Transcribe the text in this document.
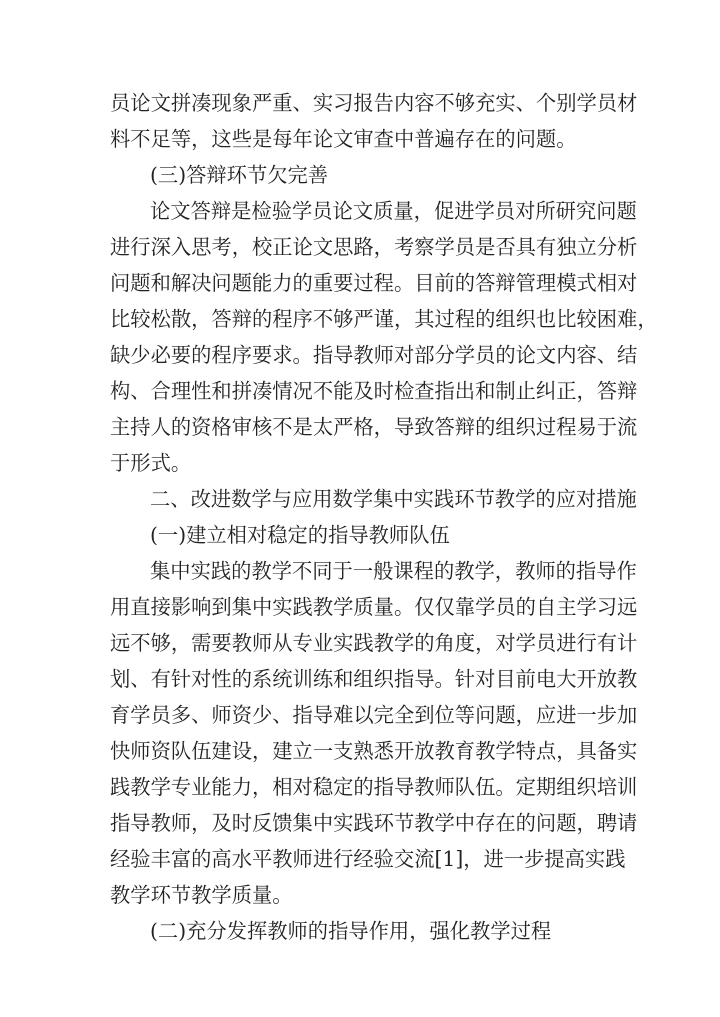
员论文拼凑现象严重、实习报告内容不够充实、个别学员材
料不足等，这些是每年论文审查中普遍存在的问题。
(三)答辩环节欠完善
论文答辩是检验学员论文质量，促进学员对所研究问题
进行深入思考，校正论文思路，考察学员是否具有独立分析
问题和解决问题能力的重要过程。目前的答辩管理模式相对
比较松散，答辩的程序不够严谨，其过程的组织也比较困难，
缺少必要的程序要求。指导教师对部分学员的论文内容、结
构、合理性和拼凑情况不能及时检查指出和制止纠正，答辩
主持人的资格审核不是太严格，导致答辩的组织过程易于流
于形式。
二、改进数学与应用数学集中实践环节教学的应对措施
(一)建立相对稳定的指导教师队伍
集中实践的教学不同于一般课程的教学，教师的指导作
用直接影响到集中实践教学质量。仅仅靠学员的自主学习远
远不够，需要教师从专业实践教学的角度，对学员进行有计
划、有针对性的系统训练和组织指导。针对目前电大开放教
育学员多、师资少、指导难以完全到位等问题，应进一步加
快师资队伍建设，建立一支熟悉开放教育教学特点，具备实
践教学专业能力，相对稳定的指导教师队伍。定期组织培训
指导教师，及时反馈集中实践环节教学中存在的问题，聘请
经验丰富的高水平教师进行经验交流[1]，进一步提高实践
教学环节教学质量。
(二)充分发挥教师的指导作用，强化教学过程
